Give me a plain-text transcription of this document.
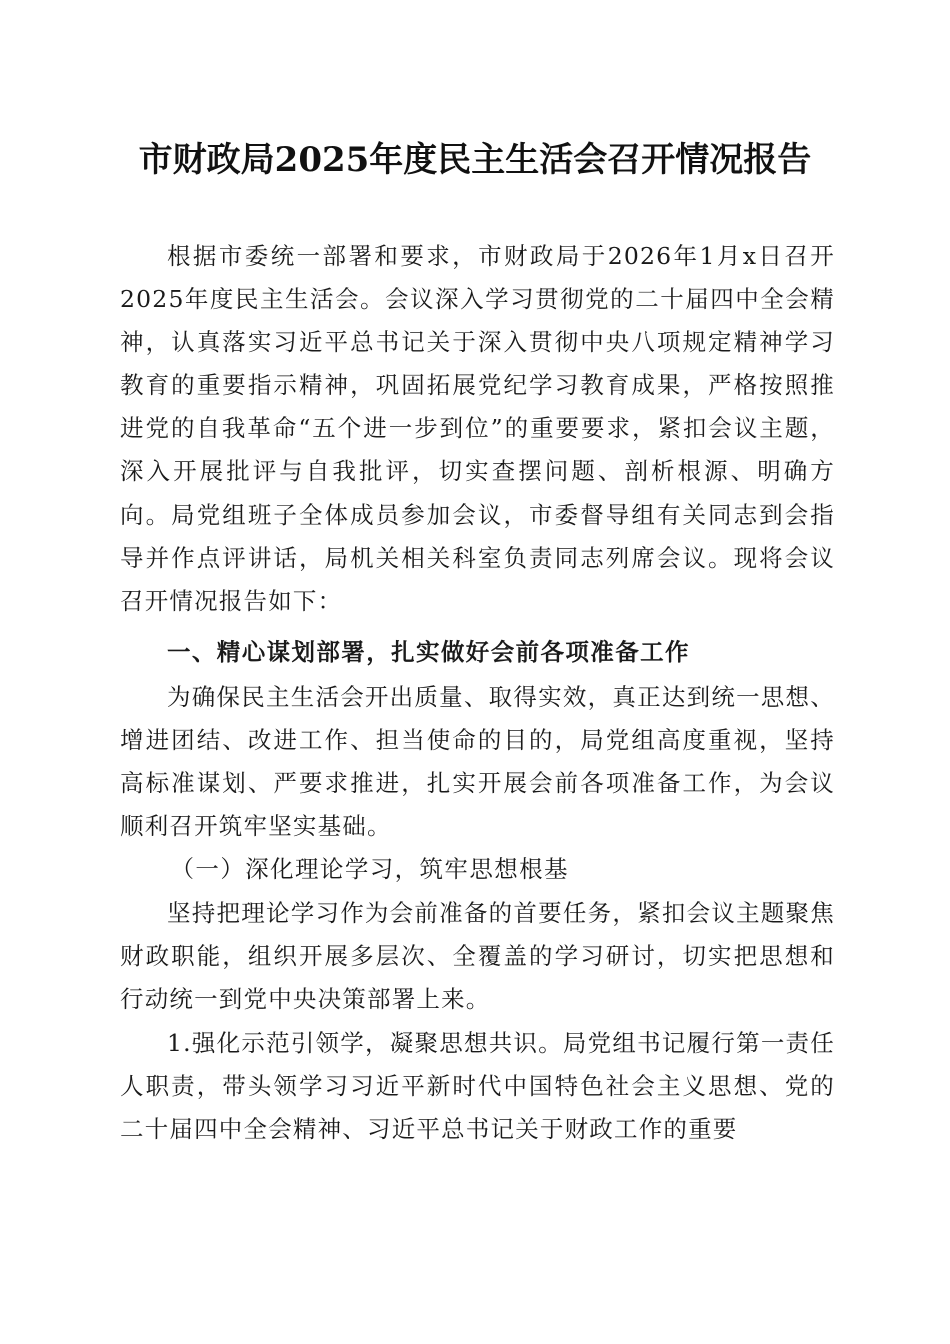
市财政局2025年度民主生活会召开情况报告

根据市委统一部署和要求，市财政局于2026年1月x日召开2025年度民主生活会。会议深入学习贯彻党的二十届四中全会精神，认真落实习近平总书记关于深入贯彻中央八项规定精神学习教育的重要指示精神，巩固拓展党纪学习教育成果，严格按照推进党的自我革命“五个进一步到位”的重要要求，紧扣会议主题，深入开展批评与自我批评，切实查摆问题、剖析根源、明确方向。局党组班子全体成员参加会议，市委督导组有关同志到会指导并作点评讲话，局机关相关科室负责同志列席会议。现将会议召开情况报告如下：

一、精心谋划部署，扎实做好会前各项准备工作

为确保民主生活会开出质量、取得实效，真正达到统一思想、增进团结、改进工作、担当使命的目的，局党组高度重视，坚持高标准谋划、严要求推进，扎实开展会前各项准备工作，为会议顺利召开筑牢坚实基础。

（一）深化理论学习，筑牢思想根基

坚持把理论学习作为会前准备的首要任务，紧扣会议主题聚焦财政职能，组织开展多层次、全覆盖的学习研讨，切实把思想和行动统一到党中央决策部署上来。

1.强化示范引领学，凝聚思想共识。局党组书记履行第一责任人职责，带头领学习习近平新时代中国特色社会主义思想、党的二十届四中全会精神、习近平总书记关于财政工作的重要
